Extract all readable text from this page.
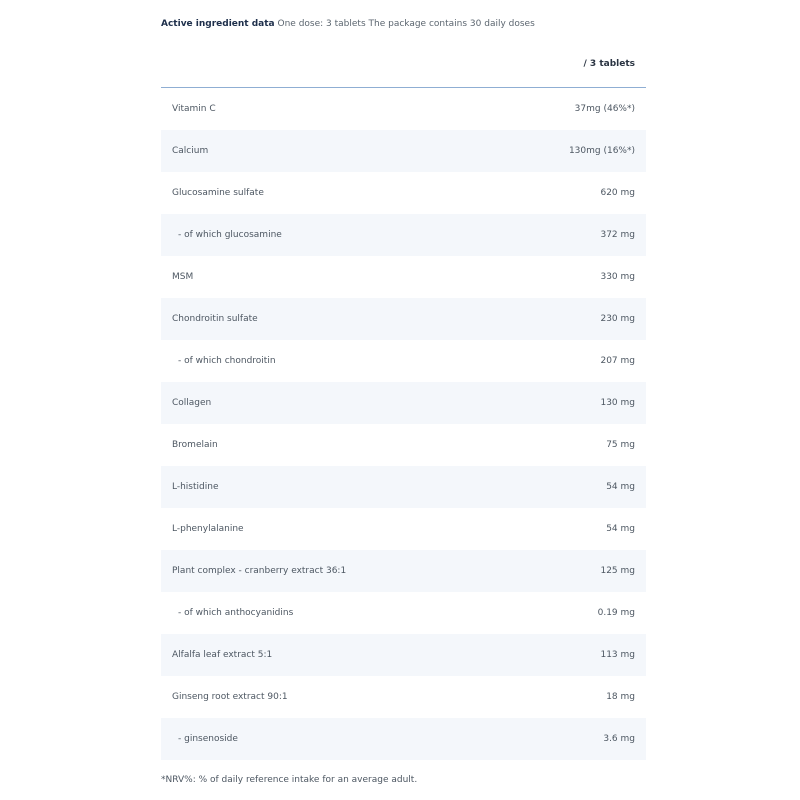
Active ingredient data One dose: 3 tablets The package contains 30 daily doses
/ 3 tablets
Vitamin C	37mg (46%*)
Calcium	130mg (16%*)
Glucosamine sulfate	620 mg
- of which glucosamine	372 mg
MSM	330 mg
Chondroitin sulfate	230 mg
- of which chondroitin	207 mg
Collagen	130 mg
Bromelain	75 mg
L-histidine	54 mg
L-phenylalanine	54 mg
Plant complex - cranberry extract 36:1	125 mg
- of which anthocyanidins	0.19 mg
Alfalfa leaf extract 5:1	113 mg
Ginseng root extract 90:1	18 mg
- ginsenoside	3.6 mg
*NRV%: % of daily reference intake for an average adult.
